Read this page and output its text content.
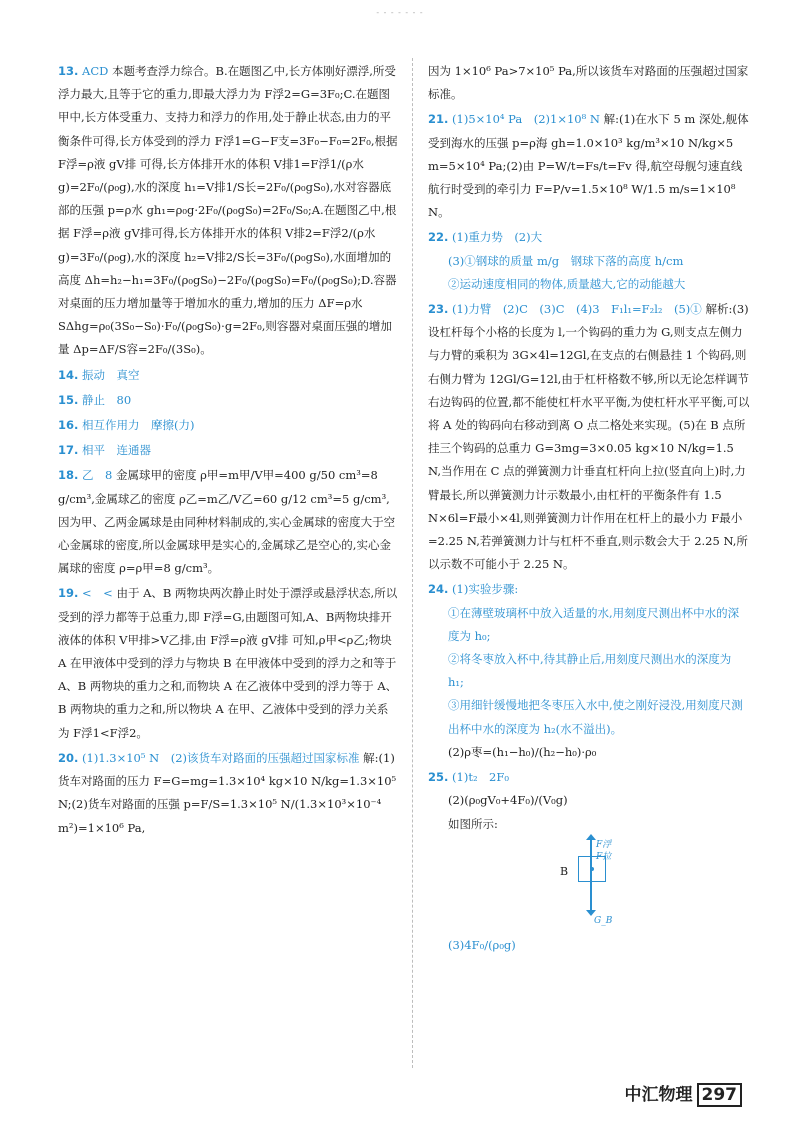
- - - - - - -

13. ACD 本题考查浮力综合。B.在题图乙中,长方体刚好漂浮,所受浮力最大,且等于它的重力,即最大浮力为 F浮2=G=3F₀;C.在题图甲中,长方体受重力、支持力和浮力的作用,处于静止状态,由力的平衡条件可得,长方体受到的浮力 F浮1=G−F支=3F₀−F₀=2F₀,根据 F浮=ρ液 gV排 可得,长方体排开水的体积 V排1=F浮1/(ρ水 g)=2F₀/(ρ₀g),水的深度 h₁=V排1/S长=2F₀/(ρ₀gS₀),水对容器底部的压强 p=ρ水 gh₁=ρ₀g·2F₀/(ρ₀gS₀)=2F₀/S₀;A.在题图乙中,根据 F浮=ρ液 gV排可得,长方体排开水的体积 V排2=F浮2/(ρ水 g)=3F₀/(ρ₀g),水的深度 h₂=V排2/S长=3F₀/(ρ₀gS₀),水面增加的高度 Δh=h₂−h₁=3F₀/(ρ₀gS₀)−2F₀/(ρ₀gS₀)=F₀/(ρ₀gS₀);D.容器对桌面的压力增加量等于增加水的重力,增加的压力 ΔF=ρ水 SΔhg=ρ₀(3S₀−S₀)·F₀/(ρ₀gS₀)·g=2F₀,则容器对桌面压强的增加量 Δp=ΔF/S容=2F₀/(3S₀)。

14. 振动　真空

15. 静止　80

16. 相互作用力　摩擦(力)

17. 相平　连通器

18. 乙　8 金属球甲的密度 ρ甲=m甲/V甲=400 g/50 cm³=8 g/cm³,金属球乙的密度 ρ乙=m乙/V乙=60 g/12 cm³=5 g/cm³,因为甲、乙两金属球是由同种材料制成的,实心金属球的密度大于空心金属球的密度,所以金属球甲是实心的,金属球乙是空心的,实心金属球的密度 ρ=ρ甲=8 g/cm³。

19. <　< 由于 A、B 两物块两次静止时处于漂浮或悬浮状态,所以受到的浮力都等于总重力,即 F浮=G,由题图可知,A、B两物块排开液体的体积 V甲排>V乙排,由 F浮=ρ液 gV排 可知,ρ甲<ρ乙;物块 A 在甲液体中受到的浮力与物块 B 在甲液体中受到的浮力之和等于 A、B 两物块的重力之和,而物块 A 在乙液体中受到的浮力等于 A、B 两物块的重力之和,所以物块 A 在甲、乙液体中受到的浮力关系为 F浮1<F浮2。

20. (1)1.3×10⁵ N　(2)该货车对路面的压强超过国家标准 解:(1)货车对路面的压力 F=G=mg=1.3×10⁴ kg×10 N/kg=1.3×10⁵ N;(2)货车对路面的压强 p=F/S=1.3×10⁵ N/(1.3×10³×10⁻⁴ m²)=1×10⁶ Pa,

因为 1×10⁶ Pa>7×10⁵ Pa,所以该货车对路面的压强超过国家标准。

21. (1)5×10⁴ Pa　(2)1×10⁸ N 解:(1)在水下 5 m 深处,舰体受到海水的压强 p=ρ海 gh=1.0×10³ kg/m³×10 N/kg×5 m=5×10⁴ Pa;(2)由 P=W/t=Fs/t=Fv 得,航空母舰匀速直线航行时受到的牵引力 F=P/v=1.5×10⁸ W/1.5 m/s=1×10⁸ N。

22. (1)重力势　(2)大

(3)①钢球的质量 m/g　钢球下落的高度 h/cm

②运动速度相同的物体,质量越大,它的动能越大

23. (1)力臂　(2)C　(3)C　(4)3　F₁l₁=F₂l₂　(5)① 解析:(3)设杠杆每个小格的长度为 l,一个钩码的重力为 G,则支点左侧力与力臂的乘积为 3G×4l=12Gl,在支点的右侧悬挂 1 个钩码,则右侧力臂为 12Gl/G=12l,由于杠杆格数不够,所以无论怎样调节右边钩码的位置,都不能使杠杆水平平衡,为使杠杆水平平衡,可以将 A 处的钩码向右移动到离 O 点二格处来实现。(5)在 B 点所挂三个钩码的总重力 G=3mg=3×0.05 kg×10 N/kg=1.5 N,当作用在 C 点的弹簧测力计垂直杠杆向上拉(竖直向上)时,力臂最长,所以弹簧测力计示数最小,由杠杆的平衡条件有 1.5 N×6l=F最小×4l,则弹簧测力计作用在杠杆上的最小力 F最小=2.25 N,若弹簧测力计与杠杆不垂直,则示数会大于 2.25 N,所以示数不可能小于 2.25 N。

24. (1)实验步骤:

①在薄壁玻璃杯中放入适量的水,用刻度尺测出杯中水的深度为 h₀;

②将冬枣放入杯中,待其静止后,用刻度尺测出水的深度为 h₁;

③用细针缓慢地把冬枣压入水中,使之刚好浸没,用刻度尺测出杯中水的深度为 h₂(水不溢出)。

(2)ρ枣=(h₁−h₀)/(h₂−h₀)·ρ₀

25. (1)t₂　2F₀

(2)(ρ₀gV₀+4F₀)/(V₀g)

如图所示:

B
F浮
F拉
G_B

(3)4F₀/(ρ₀g)

中汇物理 297
